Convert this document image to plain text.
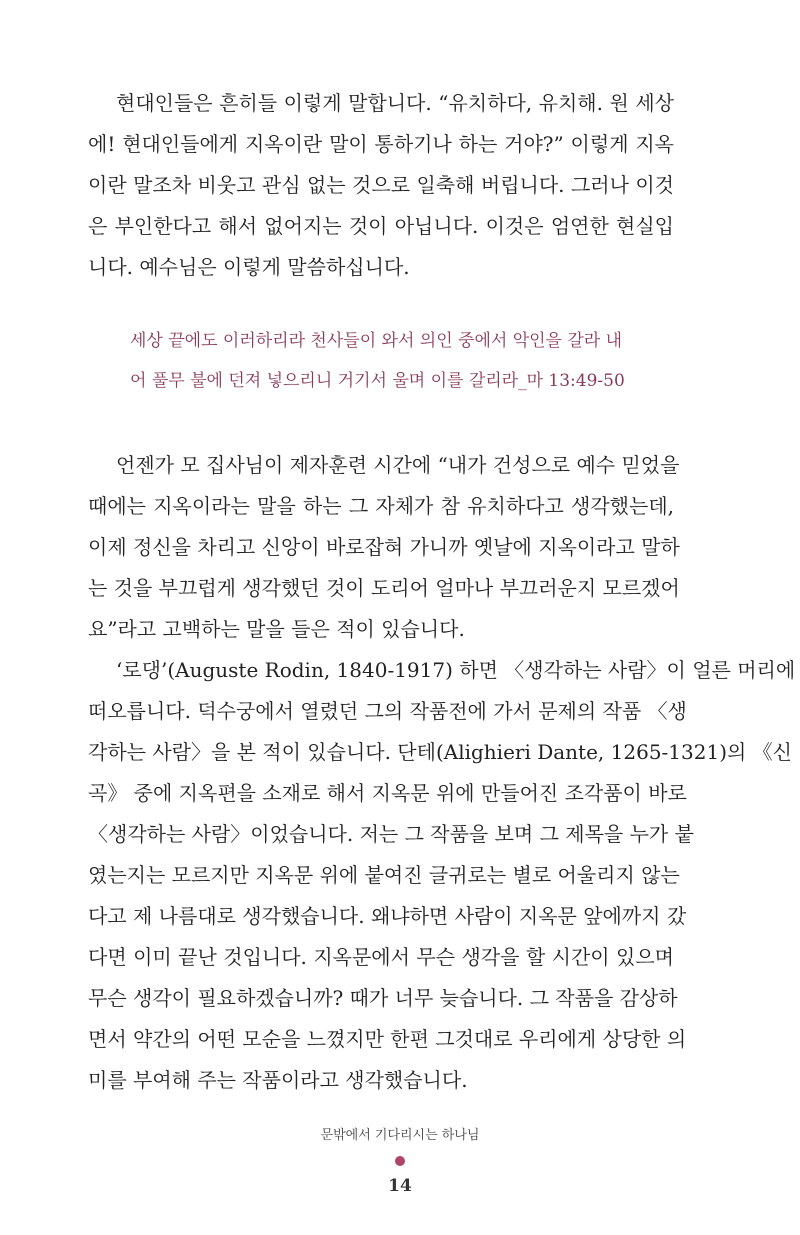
현대인들은 흔히들 이렇게 말합니다. “유치하다, 유치해. 원 세상
에! 현대인들에게 지옥이란 말이 통하기나 하는 거야?” 이렇게 지옥
이란 말조차 비웃고 관심 없는 것으로 일축해 버립니다. 그러나 이것
은 부인한다고 해서 없어지는 것이 아닙니다. 이것은 엄연한 현실입
니다. 예수님은 이렇게 말씀하십니다.
세상 끝에도 이러하리라 천사들이 와서 의인 중에서 악인을 갈라 내
어 풀무 불에 던져 넣으리니 거기서 울며 이를 갈리라_마 13:49-50
언젠가 모 집사님이 제자훈련 시간에 “내가 건성으로 예수 믿었을
때에는 지옥이라는 말을 하는 그 자체가 참 유치하다고 생각했는데,
이제 정신을 차리고 신앙이 바로잡혀 가니까 옛날에 지옥이라고 말하
는 것을 부끄럽게 생각했던 것이 도리어 얼마나 부끄러운지 모르겠어
요”라고 고백하는 말을 들은 적이 있습니다.
‘로댕’(Auguste Rodin, 1840-1917) 하면 〈생각하는 사람〉이 얼른 머리에
떠오릅니다. 덕수궁에서 열렸던 그의 작품전에 가서 문제의 작품 〈생
각하는 사람〉을 본 적이 있습니다. 단테(Alighieri Dante, 1265-1321)의 《신
곡》 중에 지옥편을 소재로 해서 지옥문 위에 만들어진 조각품이 바로
〈생각하는 사람〉이었습니다. 저는 그 작품을 보며 그 제목을 누가 붙
였는지는 모르지만 지옥문 위에 붙여진 글귀로는 별로 어울리지 않는
다고 제 나름대로 생각했습니다. 왜냐하면 사람이 지옥문 앞에까지 갔
다면 이미 끝난 것입니다. 지옥문에서 무슨 생각을 할 시간이 있으며
무슨 생각이 필요하겠습니까? 때가 너무 늦습니다. 그 작품을 감상하
면서 약간의 어떤 모순을 느꼈지만 한편 그것대로 우리에게 상당한 의
미를 부여해 주는 작품이라고 생각했습니다.
문밖에서 기다리시는 하나님
14
